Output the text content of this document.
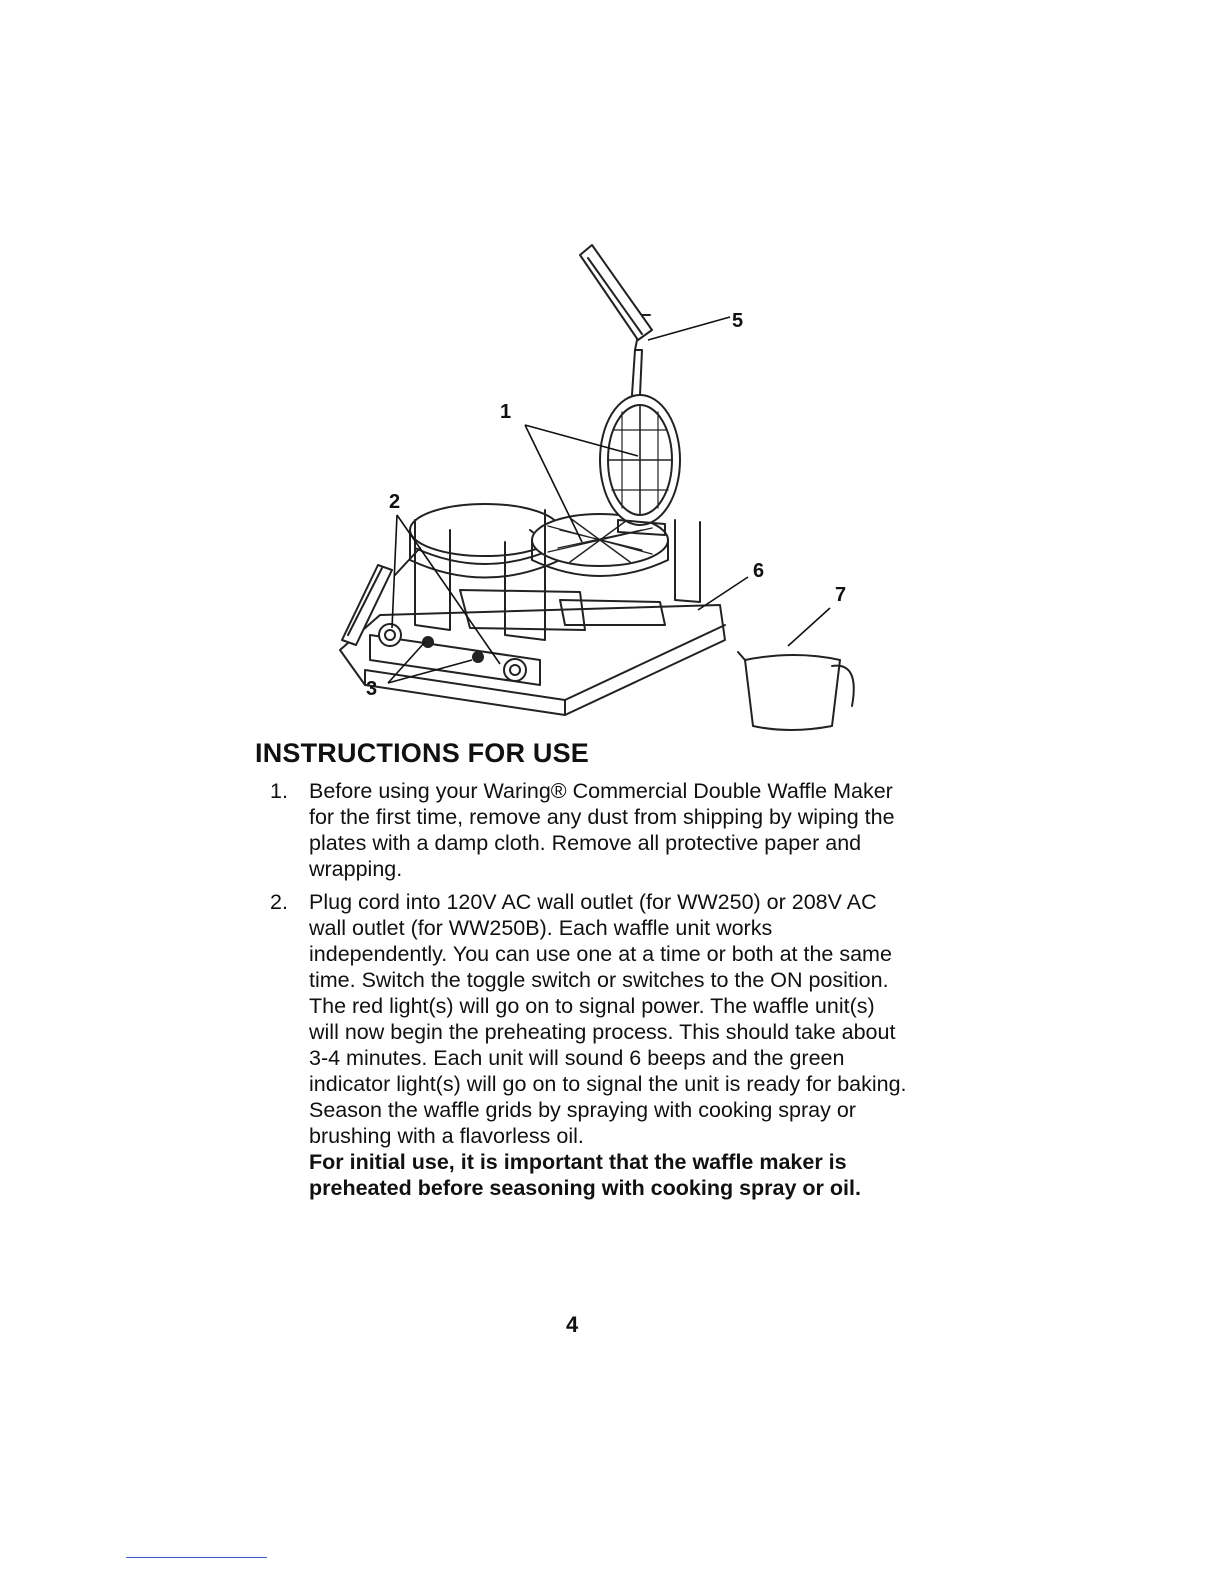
1
2
3
5
6
7
INSTRUCTIONS FOR USE
1. Before using your Waring® Commercial Double Waffle Maker for the first time, remove any dust from shipping by wiping the plates with a damp cloth. Remove all protective paper and wrapping.
2. Plug cord into 120V AC wall outlet (for WW250) or 208V AC wall outlet (for WW250B). Each waffle unit works independently. You can use one at a time or both at the same time. Switch the toggle switch or switches to the ON position. The red light(s) will go on to signal power. The waffle unit(s) will now begin the preheating process. This should take about 3-4 minutes. Each unit will sound 6 beeps and the green indicator light(s) will go on to signal the unit is ready for baking. Season the waffle grids by spraying with cooking spray or brushing with a flavorless oil.
For initial use, it is important that the waffle maker is preheated before seasoning with cooking spray or oil.
4
